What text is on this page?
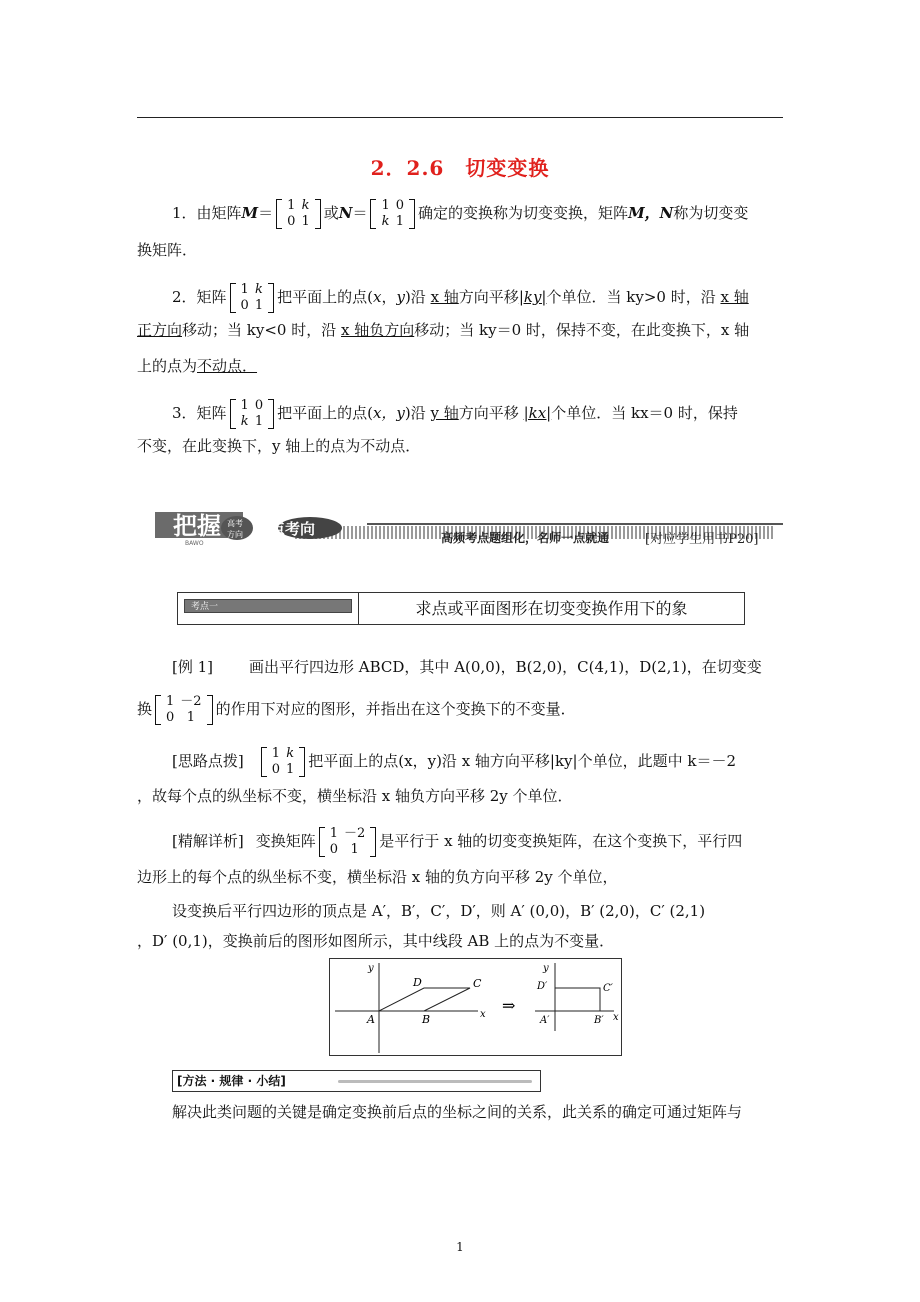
2．2.6　切变变换
1．由矩阵M＝ 1	k
0	1 或N＝ 1	0
k	1 确定的变换称为切变变换，矩阵M，N称为切变变
换矩阵．
2．矩阵 1	k
0	1 把平面上的点(x，y)沿 x 轴方向平移|ky|个单位．当 ky>0 时，沿 x 轴
正方向移动；当 ky<0 时，沿 x 轴负方向移动；当 ky＝0 时，保持不变，在此变换下，x 轴
上的点为不动点．
3．矩阵 1	0
k	1 把平面上的点(x，y)沿 y 轴方向平移 |kx|个单位．当 kx＝0 时，保持
不变，在此变换下，y 轴上的点为不动点．
把握 高考
方向 热点考向
BAWO	高频考点题组化，名师一点就通	[对应学生用书P20]
考点一	求点或平面图形在切变变换作用下的象
[例 1] 画出平行四边形 ABCD，其中 A(0,0)，B(2,0)，C(4,1)，D(2,1)，在切变变
换 1	－2
0	1 的作用下对应的图形，并指出在这个变换下的不变量．
[思路点拨] 1	k
0	1 把平面上的点(x，y)沿 x 轴方向平移|ky|个单位，此题中 k＝－2
，故每个点的纵坐标不变，横坐标沿 x 轴负方向平移 2y 个单位．
[精解详析] 变换矩阵 1	－2
0	1 是平行于 x 轴的切变变换矩阵，在这个变换下，平行四
边形上的每个点的纵坐标不变，横坐标沿 x 轴的负方向平移 2y 个单位，
设变换后平行四边形的顶点是 A′，B′，C′，D′，则 A′ (0,0)，B′ (2,0)，C′ (2,1)
，D′ (0,1)，变换前后的图形如图所示，其中线段 AB 上的点为不变量．
y
x
A	B
C
D
⇒
y
x
A′	B′
C′
D′
[方法 · 规律 · 小结]
解决此类问题的关键是确定变换前后点的坐标之间的关系，此关系的确定可通过矩阵与
1
